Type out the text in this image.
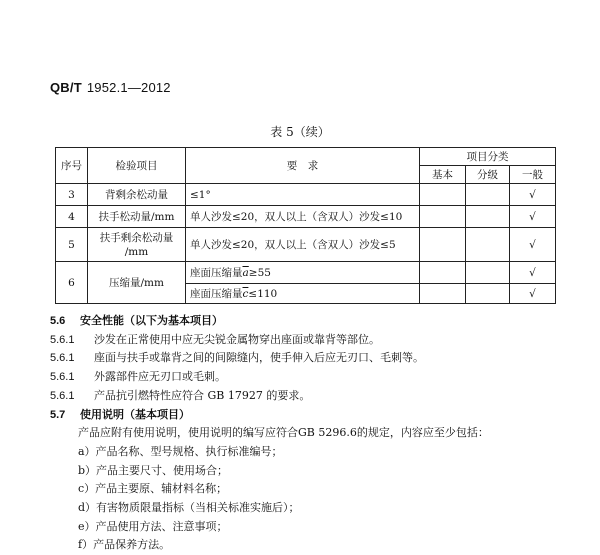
QB/T 1952.1—2012
表 5（续）
序号	检验项目	要　求	项目分类		
			基本	分级	一般
3	背剩余松动量	≤1°			√
4	扶手松动量/mm	单人沙发≤20，双人以上（含双人）沙发≤10			√
5	扶手剩余松动量 /mm	单人沙发≤20，双人以上（含双人）沙发≤5			√
6	压缩量/mm	座面压缩量$\overline{a}\ge 55$			√
		座面压缩量$\overline{c}\le 110$			√
5.6 安全性能（以下为基本项目）
5.6.1 沙发在正常使用中应无尖锐金属物穿出座面或靠背等部位。
5.6.1 座面与扶手或靠背之间的间隙缝内，使手伸入后应无刃口、毛刺等。
5.6.1 外露部件应无刃口或毛刺。
5.6.1 产品抗引燃特性应符合 GB 17927 的要求。
5.7 使用说明（基本项目）
产品应附有使用说明，使用说明的编写应符合GB 5296.6的规定，内容应至少包括：
a）产品名称、型号规格、执行标准编号；
b）产品主要尺寸、使用场合；
c）产品主要原、辅材料名称；
d）有害物质限量指标（当相关标准实施后）；
e）产品使用方法、注意事项；
f）产品保养方法。
